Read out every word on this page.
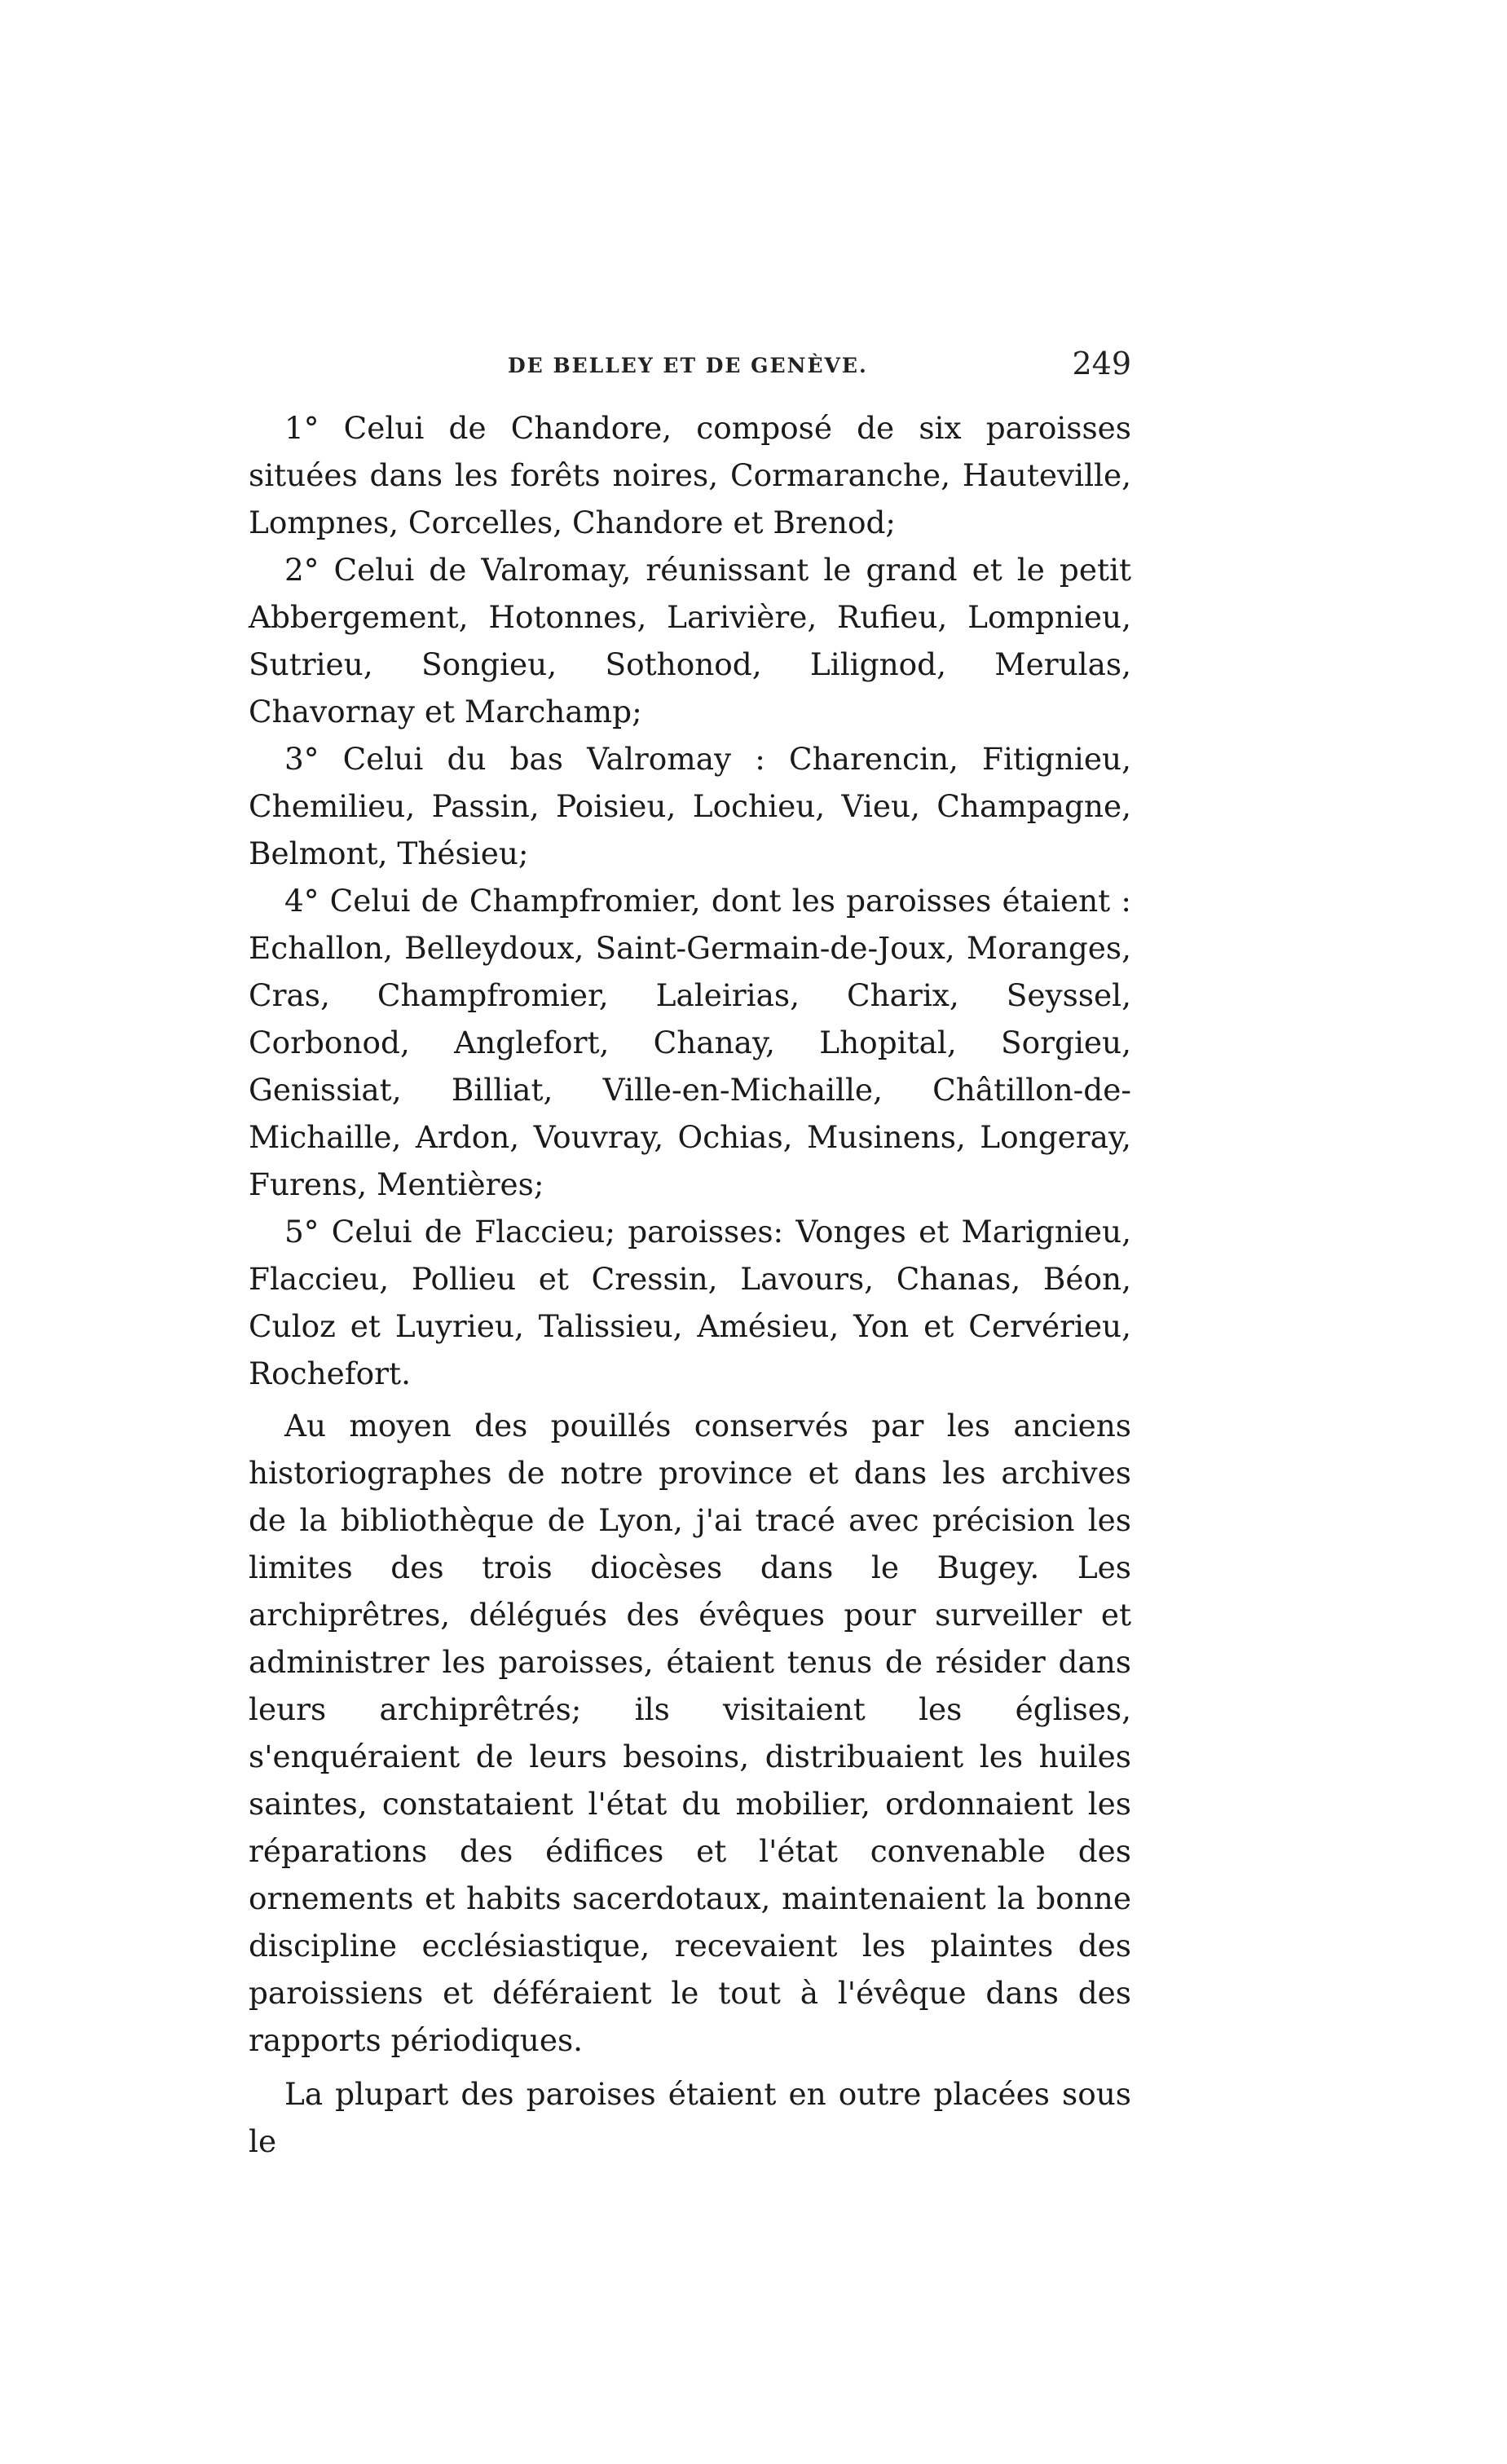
DE BELLEY ET DE GENÈVE.	249

1° Celui de Chandore, composé de six paroisses situées dans les forêts noires, Cormaranche, Hauteville, Lompnes, Corcelles, Chandore et Brenod;

2° Celui de Valromay, réunissant le grand et le petit Abbergement, Hotonnes, Larivière, Rufieu, Lompnieu, Sutrieu, Songieu, Sothonod, Lilignod, Merulas, Chavornay et Marchamp;

3° Celui du bas Valromay : Charencin, Fitignieu, Chemilieu, Passin, Poisieu, Lochieu, Vieu, Champagne, Belmont, Thésieu;

4° Celui de Champfromier, dont les paroisses étaient : Echallon, Belleydoux, Saint-Germain-de-Joux, Moranges, Cras, Champfromier, Laleirias, Charix, Seyssel, Corbonod, Anglefort, Chanay, Lhopital, Sorgieu, Genissiat, Billiat, Ville-en-Michaille, Châtillon-de-Michaille, Ardon, Vouvray, Ochias, Musinens, Longeray, Furens, Mentières;

5° Celui de Flaccieu; paroisses: Vonges et Marignieu, Flaccieu, Pollieu et Cressin, Lavours, Chanas, Béon, Culoz et Luyrieu, Talissieu, Amésieu, Yon et Cervérieu, Rochefort.

Au moyen des pouillés conservés par les anciens historiographes de notre province et dans les archives de la bibliothèque de Lyon, j'ai tracé avec précision les limites des trois diocèses dans le Bugey. Les archiprêtres, délégués des évêques pour surveiller et administrer les paroisses, étaient tenus de résider dans leurs archiprêtrés; ils visitaient les églises, s'enquéraient de leurs besoins, distribuaient les huiles saintes, constataient l'état du mobilier, ordonnaient les réparations des édifices et l'état convenable des ornements et habits sacerdotaux, maintenaient la bonne discipline ecclésiastique, recevaient les plaintes des paroissiens et déféraient le tout à l'évêque dans des rapports périodiques.

La plupart des paroises étaient en outre placées sous le
